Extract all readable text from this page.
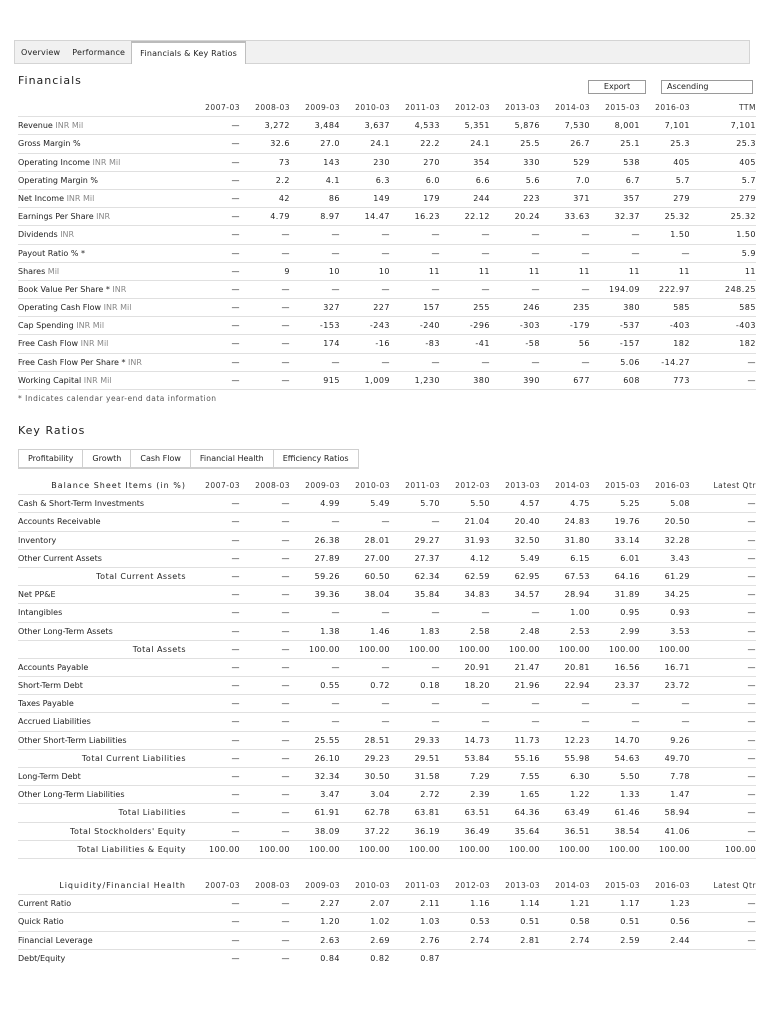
Overview	Performance	Financials & Key Ratios
Financials	Export	Ascending
2007-03 2008-03 2009-03 2010-03 2011-03 2012-03 2013-03 2014-03 2015-03 2016-03	TTM
Revenue INR Mil	—	3,272	3,484	3,637	4,533	5,351	5,876	7,530	8,001	7,101	7,101
Gross Margin %	—	32.6	27.0	24.1	22.2	24.1	25.5	26.7	25.1	25.3	25.3
Operating Income INR Mil	—	73	143	230	270	354	330	529	538	405	405
Operating Margin %	—	2.2	4.1	6.3	6.0	6.6	5.6	7.0	6.7	5.7	5.7
Net Income INR Mil	—	42	86	149	179	244	223	371	357	279	279
Earnings Per Share INR	—	4.79	8.97	14.47	16.23	22.12	20.24	33.63	32.37	25.32	25.32
Dividends INR	—	—	—	—	—	—	—	—	—	1.50	1.50
Payout Ratio % *	—	—	—	—	—	—	—	—	—	—	5.9
Shares Mil	—	9	10	10	11	11	11	11	11	11	11
Book Value Per Share * INR	—	—	—	—	—	—	—	— 194.09 222.97	248.25
Operating Cash Flow INR Mil	—	—	327	227	157	255	246	235	380	585	585
Cap Spending INR Mil	—	—	-153	-243	-240	-296	-303	-179	-537	-403	-403
Free Cash Flow INR Mil	—	—	174	-16	-83	-41	-58	56	-157	182	182
Free Cash Flow Per Share * INR	—	—	—	—	—	—	—	—	5.06	-14.27	—
Working Capital INR Mil	—	—	915	1,009	1,230	380	390	677	608	773	—
* Indicates calendar year-end data information
Key Ratios
Profitability	Growth	Cash Flow	Financial Health	Efficiency Ratios
Balance Sheet Items (in %)	2007-03 2008-03 2009-03 2010-03 2011-03 2012-03 2013-03 2014-03 2015-03 2016-03	Latest Qtr
Cash & Short-Term Investments	—	—	4.99	5.49	5.70	5.50	4.57	4.75	5.25	5.08	—
Accounts Receivable	—	—	—	—	—	21.04	20.40	24.83	19.76	20.50	—
Inventory	—	—	26.38	28.01	29.27	31.93	32.50	31.80	33.14	32.28	—
Other Current Assets	—	—	27.89	27.00	27.37	4.12	5.49	6.15	6.01	3.43	—
Total Current Assets	—	—	59.26	60.50	62.34	62.59	62.95	67.53	64.16	61.29	—
Net PP&E	—	—	39.36	38.04	35.84	34.83	34.57	28.94	31.89	34.25	—
Intangibles	—	—	—	—	—	—	—	1.00	0.95	0.93	—
Other Long-Term Assets	—	—	1.38	1.46	1.83	2.58	2.48	2.53	2.99	3.53	—
Total Assets	—	— 100.00 100.00 100.00 100.00 100.00 100.00 100.00 100.00	—
Accounts Payable	—	—	—	—	—	20.91	21.47	20.81	16.56	16.71	—
Short-Term Debt	—	—	0.55	0.72	0.18	18.20	21.96	22.94	23.37	23.72	—
Taxes Payable	—	—	—	—	—	—	—	—	—	—	—
Accrued Liabilities	—	—	—	—	—	—	—	—	—	—	—
Other Short-Term Liabilities	—	—	25.55	28.51	29.33	14.73	11.73	12.23	14.70	9.26	—
Total Current Liabilities	—	—	26.10	29.23	29.51	53.84	55.16	55.98	54.63	49.70	—
Long-Term Debt	—	—	32.34	30.50	31.58	7.29	7.55	6.30	5.50	7.78	—
Other Long-Term Liabilities	—	—	3.47	3.04	2.72	2.39	1.65	1.22	1.33	1.47	—
Total Liabilities	—	—	61.91	62.78	63.81	63.51	64.36	63.49	61.46	58.94	—
Total Stockholders' Equity	—	—	38.09	37.22	36.19	36.49	35.64	36.51	38.54	41.06	—
Total Liabilities & Equity	100.00 100.00 100.00 100.00 100.00 100.00 100.00 100.00 100.00 100.00	100.00
Liquidity/Financial Health	2007-03 2008-03 2009-03 2010-03 2011-03 2012-03 2013-03 2014-03 2015-03 2016-03	Latest Qtr
Current Ratio	—	—	2.27	2.07	2.11	1.16	1.14	1.21	1.17	1.23	—
Quick Ratio	—	—	1.20	1.02	1.03	0.53	0.51	0.58	0.51	0.56	—
Financial Leverage	—	—	2.63	2.69	2.76	2.74	2.81	2.74	2.59	2.44	—
Debt/Equity	—	—	0.84	0.82	0.87
